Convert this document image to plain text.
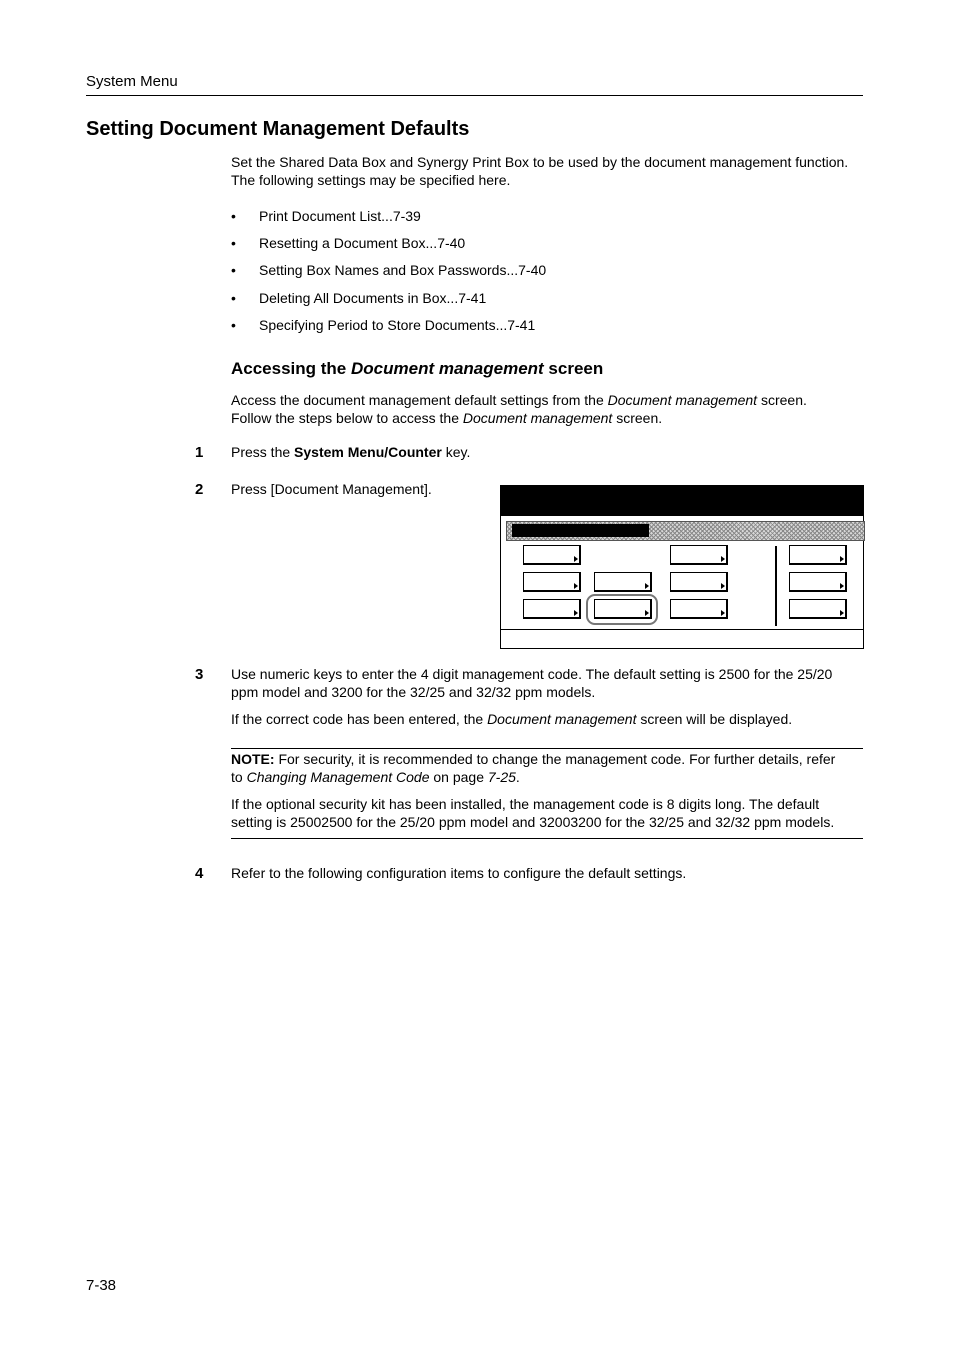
System Menu
Setting Document Management Defaults
Set the Shared Data Box and Synergy Print Box to be used by the document management function.
The following settings may be specified here.
• Print Document List...7-39
• Resetting a Document Box...7-40
• Setting Box Names and Box Passwords...7-40
• Deleting All Documents in Box...7-41
• Specifying Period to Store Documents...7-41
Accessing the Document management screen
Access the document management default settings from the Document management screen.
Follow the steps below to access the Document management screen.
1 Press the System Menu/Counter key.
2 Press [Document Management].
3 Use numeric keys to enter the 4 digit management code. The default setting is 2500 for the 25/20
ppm model and 3200 for the 32/25 and 32/32 ppm models.
If the correct code has been entered, the Document management screen will be displayed.
NOTE: For security, it is recommended to change the management code. For further details, refer
to Changing Management Code on page 7-25.
If the optional security kit has been installed, the management code is 8 digits long. The default
setting is 25002500 for the 25/20 ppm model and 32003200 for the 32/25 and 32/32 ppm models.
4 Refer to the following configuration items to configure the default settings.
7-38
